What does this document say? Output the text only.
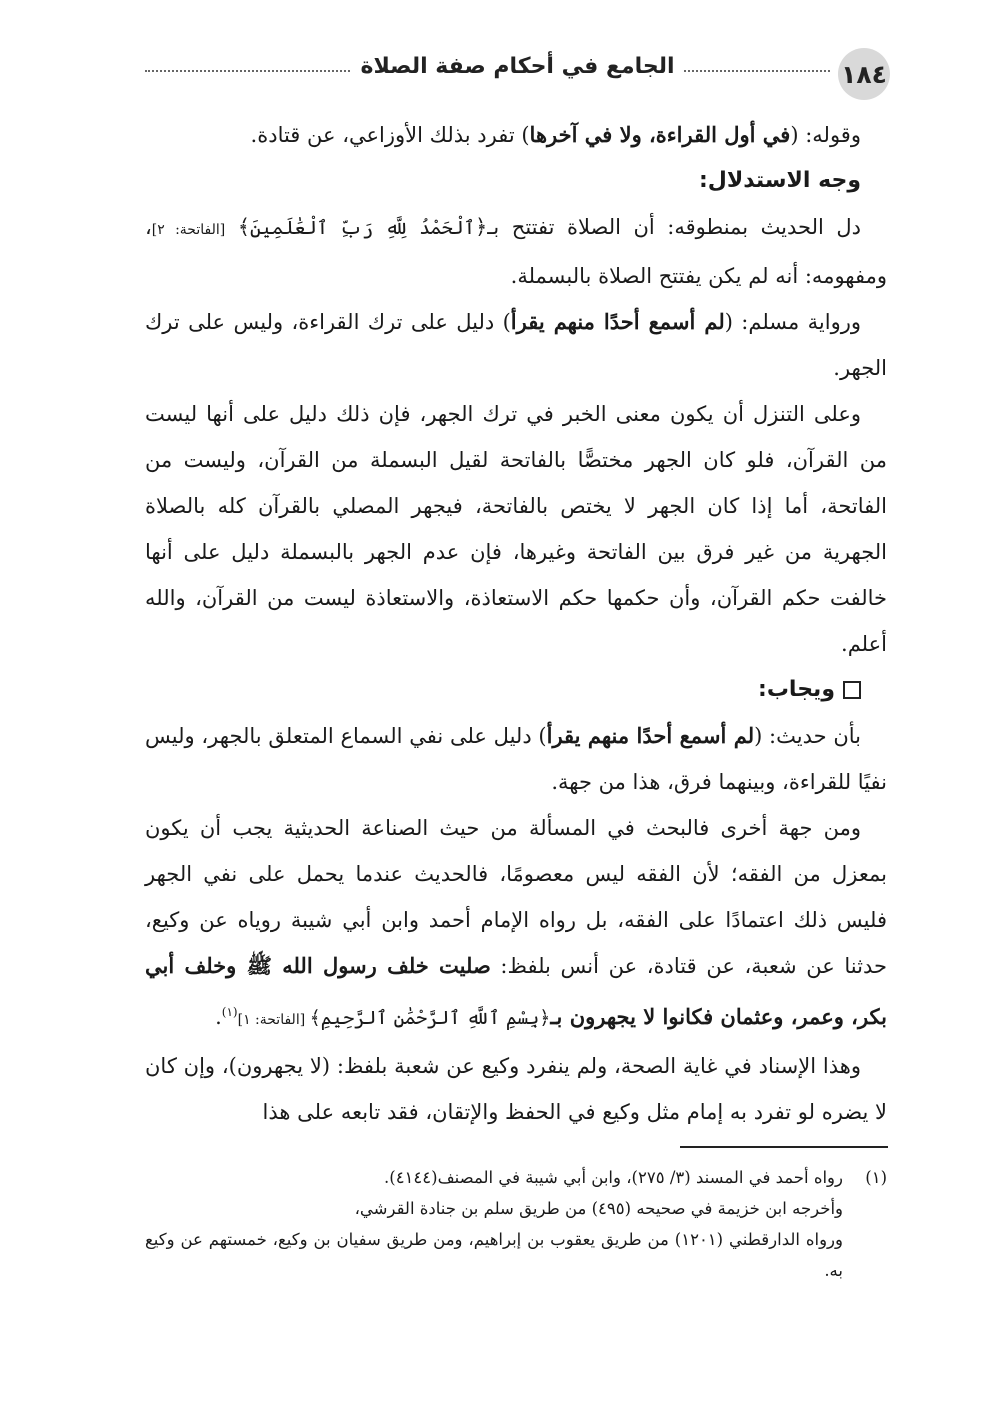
١٨٤
الجامع في أحكام صفة الصلاة

وقوله: (في أول القراءة، ولا في آخرها) تفرد بذلك الأوزاعي، عن قتادة.

وجه الاستدلال:

دل الحديث بمنطوقه: أن الصلاة تفتتح بـ﴿ٱلْحَمْدُ لِلَّهِ رَبِّ ٱلْعَٰلَمِينَ﴾ [الفاتحة: ٢]، ومفهومه: أنه لم يكن يفتتح الصلاة بالبسملة.

ورواية مسلم: (لم أسمع أحدًا منهم يقرأ) دليل على ترك القراءة، وليس على ترك الجهر.

وعلى التنزل أن يكون معنى الخبر في ترك الجهر، فإن ذلك دليل على أنها ليست من القرآن، فلو كان الجهر مختصًّا بالفاتحة لقيل البسملة من القرآن، وليست من الفاتحة، أما إذا كان الجهر لا يختص بالفاتحة، فيجهر المصلي بالقرآن كله بالصلاة الجهرية من غير فرق بين الفاتحة وغيرها، فإن عدم الجهر بالبسملة دليل على أنها خالفت حكم القرآن، وأن حكمها حكم الاستعاذة، والاستعاذة ليست من القرآن، والله أعلم.

ويجاب:

بأن حديث: (لم أسمع أحدًا منهم يقرأ) دليل على نفي السماع المتعلق بالجهر، وليس نفيًا للقراءة، وبينهما فرق، هذا من جهة.

ومن جهة أخرى فالبحث في المسألة من حيث الصناعة الحديثية يجب أن يكون بمعزل من الفقه؛ لأن الفقه ليس معصومًا، فالحديث عندما يحمل على نفي الجهر فليس ذلك اعتمادًا على الفقه، بل رواه الإمام أحمد وابن أبي شيبة روياه عن وكيع، حدثنا عن شعبة، عن قتادة، عن أنس بلفظ: صليت خلف رسول الله ﷺ وخلف أبي بكر، وعمر، وعثمان فكانوا لا يجهرون بـ﴿بِسْمِ ٱللَّهِ ٱلرَّحْمَٰنِ ٱلرَّحِيمِ﴾ [الفاتحة: ١]$^{(١)}$.

وهذا الإسناد في غاية الصحة، ولم ينفرد وكيع عن شعبة بلفظ: (لا يجهرون)، وإن كان لا يضره لو تفرد به إمام مثل وكيع في الحفظ والإتقان، فقد تابعه على هذا

(١)رواه أحمد في المسند (٣/ ٢٧٥)، وابن أبي شيبة في المصنف(٤١٤٤).

وأخرجه ابن خزيمة في صحيحه (٤٩٥) من طريق سلم بن جنادة القرشي،

ورواه الدارقطني (١٢٠١) من طريق يعقوب بن إبراهيم، ومن طريق سفيان بن وكيع، خمستهم عن وكيع به.
